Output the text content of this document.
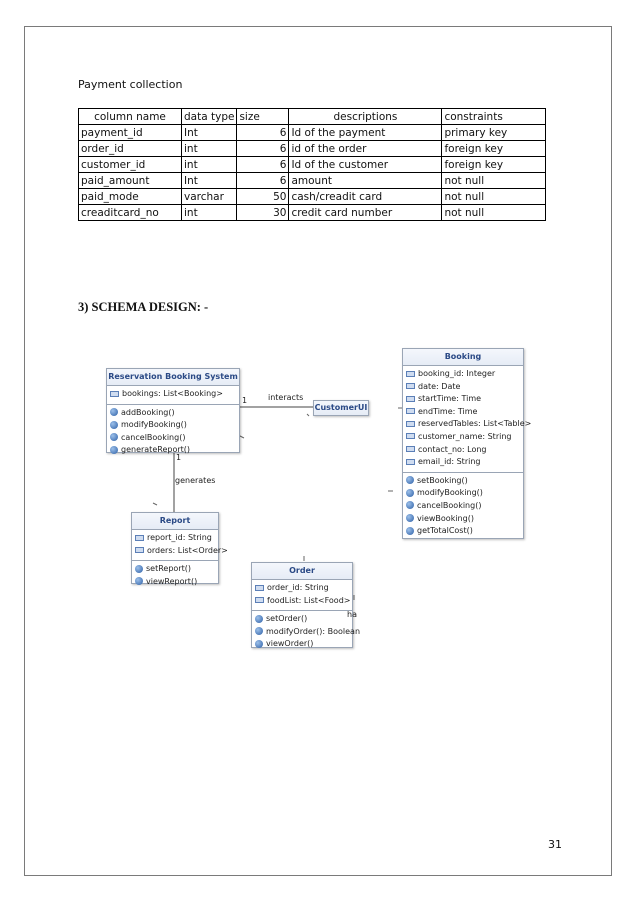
Payment collection
column name	data type	size	descriptions	constraints
payment_id	Int	6	Id of the payment	primary key
order_id	int	6	id of the order	foreign key
customer_id	int	6	Id of the customer	foreign key
paid_amount	Int	6	amount	not null
paid_mode	varchar	50	cash/creadit card	not null
creaditcard_no	int	30	credit card number	not null
3) SCHEMA DESIGN: -
Reservation Booking System
bookings: List<Booking>
addBooking()
modifyBooking()
cancelBooking()
generateReport()
CustomerUI
Booking
booking_id: Integer
date: Date
startTime: Time
endTime: Time
reservedTables: List<Table>
customer_name: String
contact_no: Long
email_id: String
setBooking()
modifyBooking()
cancelBooking()
viewBooking()
getTotalCost()
Report
report_id: String
orders: List<Order>
setReport()
viewReport()
Order
order_id: String
foodList: List<Food>
setOrder()
modifyOrder(): Boolean
viewOrder()
1	interacts
1
generates
ha
31
